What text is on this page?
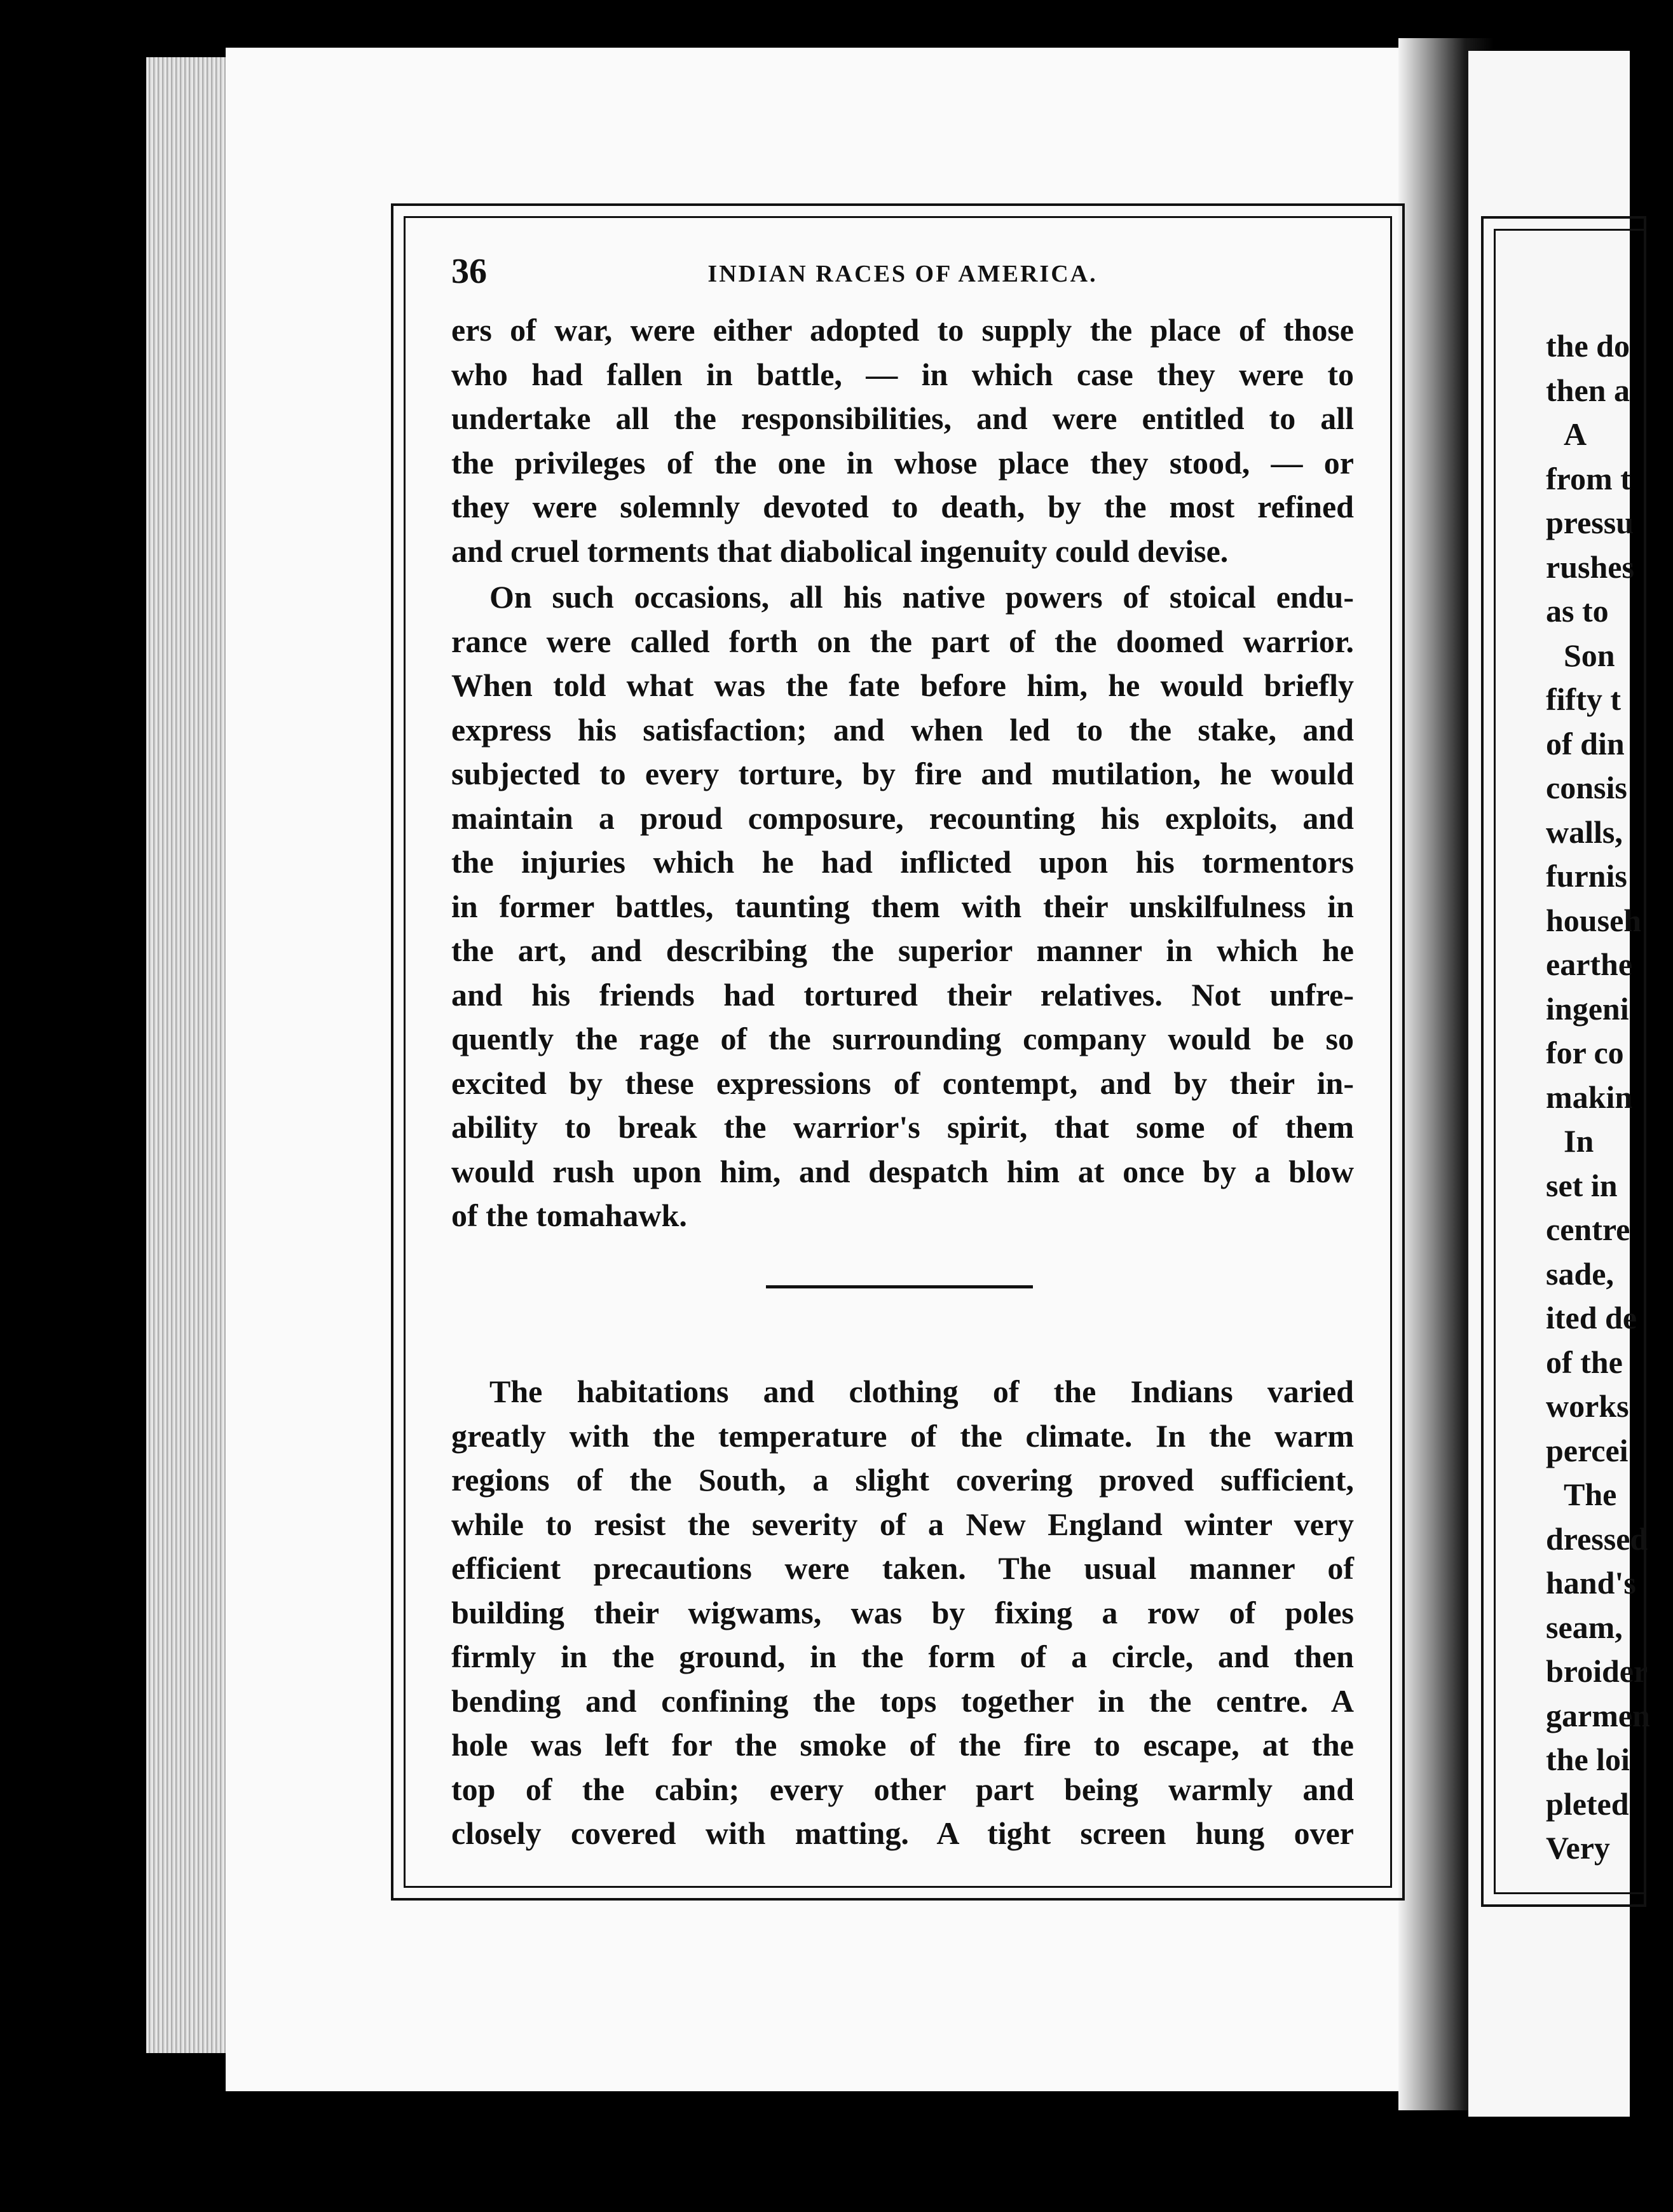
36	INDIAN RACES OF AMERICA.
ers of war, were either adopted to supply the place of those
who had fallen in battle, — in which case they were to
undertake all the responsibilities, and were entitled to all
the privileges of the one in whose place they stood, — or
they were solemnly devoted to death, by the most refined
and cruel torments that diabolical ingenuity could devise.
On such occasions, all his native powers of stoical endu-
rance were called forth on the part of the doomed warrior.
When told what was the fate before him, he would briefly
express his satisfaction; and when led to the stake, and
subjected to every torture, by fire and mutilation, he would
maintain a proud composure, recounting his exploits, and
the injuries which he had inflicted upon his tormentors
in former battles, taunting them with their unskilfulness in
the art, and describing the superior manner in which he
and his friends had tortured their relatives. Not unfre-
quently the rage of the surrounding company would be so
excited by these expressions of contempt, and by their in-
ability to break the warrior's spirit, that some of them
would rush upon him, and despatch him at once by a blow
of the tomahawk.
The habitations and clothing of the Indians varied
greatly with the temperature of the climate. In the warm
regions of the South, a slight covering proved sufficient,
while to resist the severity of a New England winter very
efficient precautions were taken. The usual manner of
building their wigwams, was by fixing a row of poles
firmly in the ground, in the form of a circle, and then
bending and confining the tops together in the centre. A
hole was left for the smoke of the fire to escape, at the
top of the cabin; every other part being warmly and
closely covered with matting. A tight screen hung over
the do
then a
A
from t
pressu
rushes
as to
Son
fifty t
of din
consis
walls,
furnis
househ
earthe
ingeni
for co
makin
In
set in
centre
sade,
ited de
of the
works
percei
The
dressed
hand's
seam,
broider
garmen
the loi
pleted
Very
